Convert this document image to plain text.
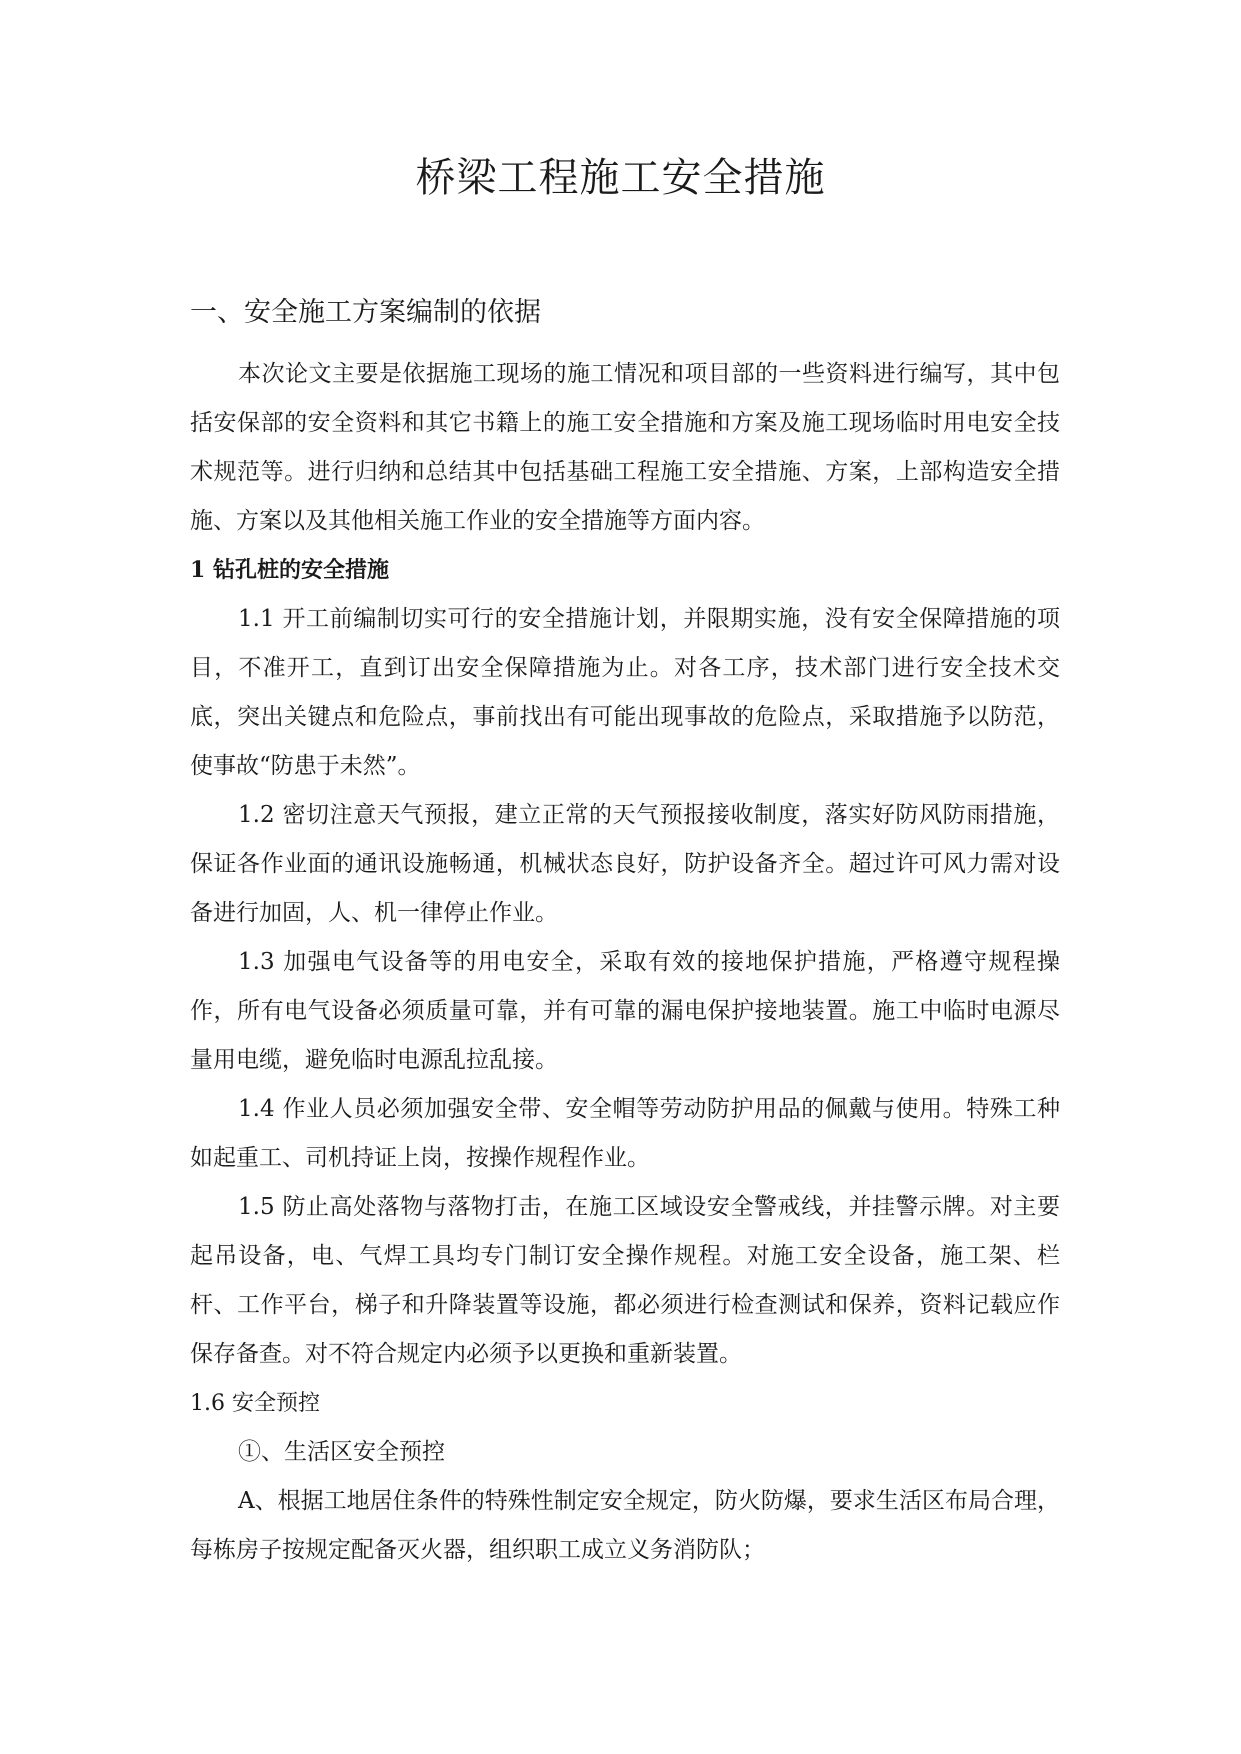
桥梁工程施工安全措施
一、安全施工方案编制的依据

本次论文主要是依据施工现场的施工情况和项目部的一些资料进行编写，其中包括安保部的安全资料和其它书籍上的施工安全措施和方案及施工现场临时用电安全技术规范等。进行归纳和总结其中包括基础工程施工安全措施、方案，上部构造安全措施、方案以及其他相关施工作业的安全措施等方面内容。

1 钻孔桩的安全措施

1.1 开工前编制切实可行的安全措施计划，并限期实施，没有安全保障措施的项目，不准开工，直到订出安全保障措施为止。对各工序，技术部门进行安全技术交底，突出关键点和危险点，事前找出有可能出现事故的危险点，采取措施予以防范，使事故“防患于未然”。

1.2 密切注意天气预报，建立正常的天气预报接收制度，落实好防风防雨措施，保证各作业面的通讯设施畅通，机械状态良好，防护设备齐全。超过许可风力需对设备进行加固，人、机一律停止作业。

1.3 加强电气设备等的用电安全，采取有效的接地保护措施，严格遵守规程操作，所有电气设备必须质量可靠，并有可靠的漏电保护接地装置。施工中临时电源尽量用电缆，避免临时电源乱拉乱接。

1.4 作业人员必须加强安全带、安全帽等劳动防护用品的佩戴与使用。特殊工种如起重工、司机持证上岗，按操作规程作业。

1.5 防止高处落物与落物打击，在施工区域设安全警戒线，并挂警示牌。对主要起吊设备，电、气焊工具均专门制订安全操作规程。对施工安全设备，施工架、栏杆、工作平台，梯子和升降装置等设施，都必须进行检查测试和保养，资料记载应作保存备查。对不符合规定内必须予以更换和重新装置。

1.6 安全预控

①、生活区安全预控

A、根据工地居住条件的特殊性制定安全规定，防火防爆，要求生活区布局合理，每栋房子按规定配备灭火器，组织职工成立义务消防队；
